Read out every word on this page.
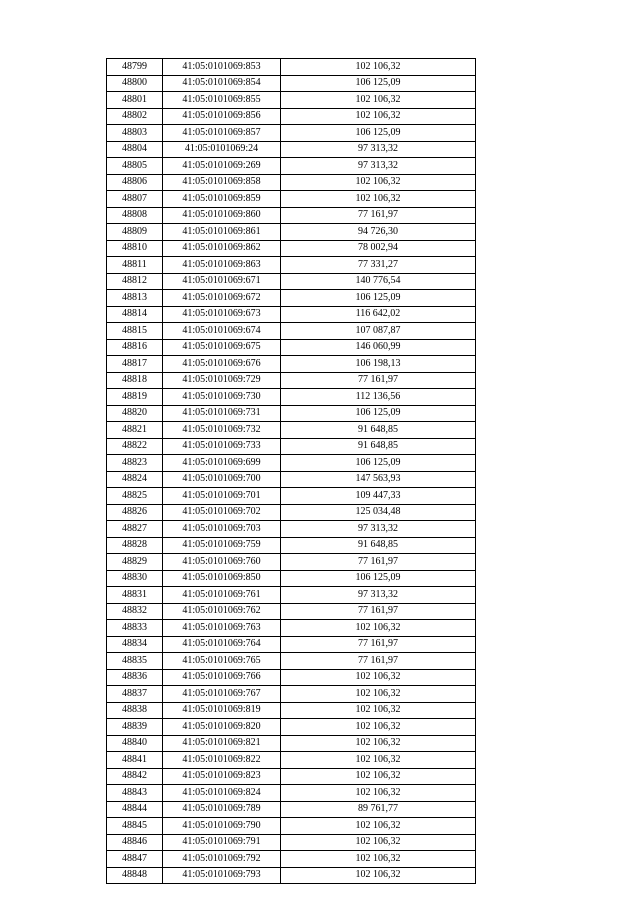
48799	41:05:0101069:853	102 106,32
48800	41:05:0101069:854	106 125,09
48801	41:05:0101069:855	102 106,32
48802	41:05:0101069:856	102 106,32
48803	41:05:0101069:857	106 125,09
48804	41:05:0101069:24	97 313,32
48805	41:05:0101069:269	97 313,32
48806	41:05:0101069:858	102 106,32
48807	41:05:0101069:859	102 106,32
48808	41:05:0101069:860	77 161,97
48809	41:05:0101069:861	94 726,30
48810	41:05:0101069:862	78 002,94
48811	41:05:0101069:863	77 331,27
48812	41:05:0101069:671	140 776,54
48813	41:05:0101069:672	106 125,09
48814	41:05:0101069:673	116 642,02
48815	41:05:0101069:674	107 087,87
48816	41:05:0101069:675	146 060,99
48817	41:05:0101069:676	106 198,13
48818	41:05:0101069:729	77 161,97
48819	41:05:0101069:730	112 136,56
48820	41:05:0101069:731	106 125,09
48821	41:05:0101069:732	91 648,85
48822	41:05:0101069:733	91 648,85
48823	41:05:0101069:699	106 125,09
48824	41:05:0101069:700	147 563,93
48825	41:05:0101069:701	109 447,33
48826	41:05:0101069:702	125 034,48
48827	41:05:0101069:703	97 313,32
48828	41:05:0101069:759	91 648,85
48829	41:05:0101069:760	77 161,97
48830	41:05:0101069:850	106 125,09
48831	41:05:0101069:761	97 313,32
48832	41:05:0101069:762	77 161,97
48833	41:05:0101069:763	102 106,32
48834	41:05:0101069:764	77 161,97
48835	41:05:0101069:765	77 161,97
48836	41:05:0101069:766	102 106,32
48837	41:05:0101069:767	102 106,32
48838	41:05:0101069:819	102 106,32
48839	41:05:0101069:820	102 106,32
48840	41:05:0101069:821	102 106,32
48841	41:05:0101069:822	102 106,32
48842	41:05:0101069:823	102 106,32
48843	41:05:0101069:824	102 106,32
48844	41:05:0101069:789	89 761,77
48845	41:05:0101069:790	102 106,32
48846	41:05:0101069:791	102 106,32
48847	41:05:0101069:792	102 106,32
48848	41:05:0101069:793	102 106,32
